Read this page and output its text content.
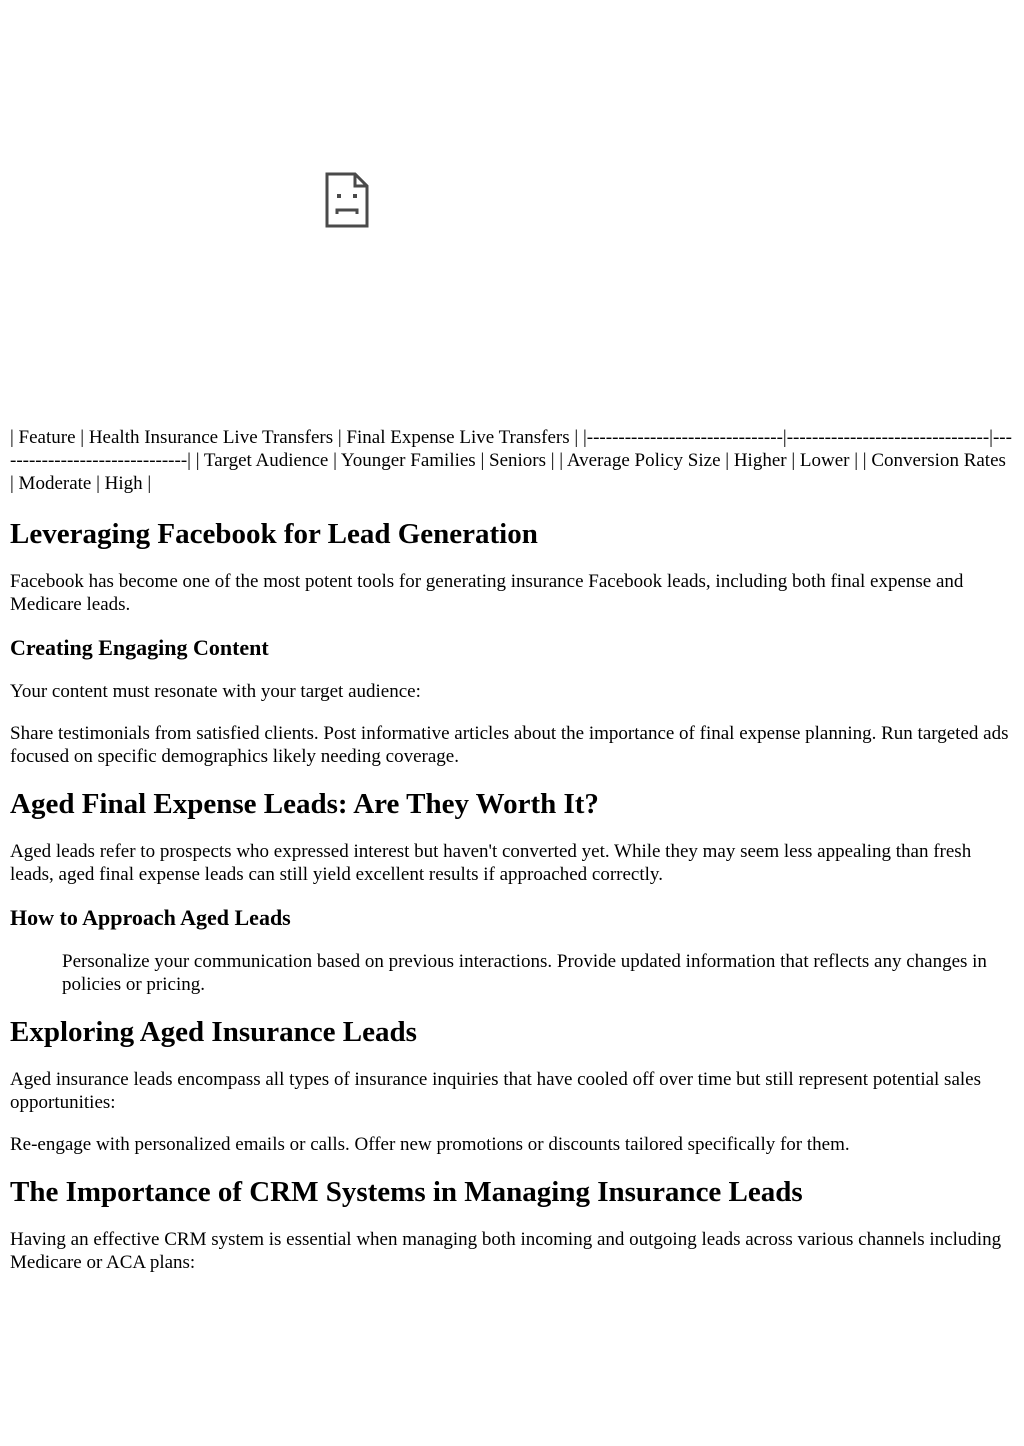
| Feature | Health Insurance Live Transfers | Final Expense Live Transfers | |-------------------------------|--------------------------------|-------------------------------| | Target Audience | Younger Families | Seniors | | Average Policy Size | Higher | Lower | | Conversion Rates | Moderate | High |

Leveraging Facebook for Lead Generation

Facebook has become one of the most potent tools for generating insurance Facebook leads, including both final expense and Medicare leads.

Creating Engaging Content

Your content must resonate with your target audience:

Share testimonials from satisfied clients. Post informative articles about the importance of final expense planning. Run targeted ads focused on specific demographics likely needing coverage.

Aged Final Expense Leads: Are They Worth It?

Aged leads refer to prospects who expressed interest but haven't converted yet. While they may seem less appealing than fresh leads, aged final expense leads can still yield excellent results if approached correctly.

How to Approach Aged Leads

Personalize your communication based on previous interactions. Provide updated information that reflects any changes in policies or pricing.

Exploring Aged Insurance Leads

Aged insurance leads encompass all types of insurance inquiries that have cooled off over time but still represent potential sales opportunities:

Re-engage with personalized emails or calls. Offer new promotions or discounts tailored specifically for them.

The Importance of CRM Systems in Managing Insurance Leads

Having an effective CRM system is essential when managing both incoming and outgoing leads across various channels including Medicare or ACA plans:
